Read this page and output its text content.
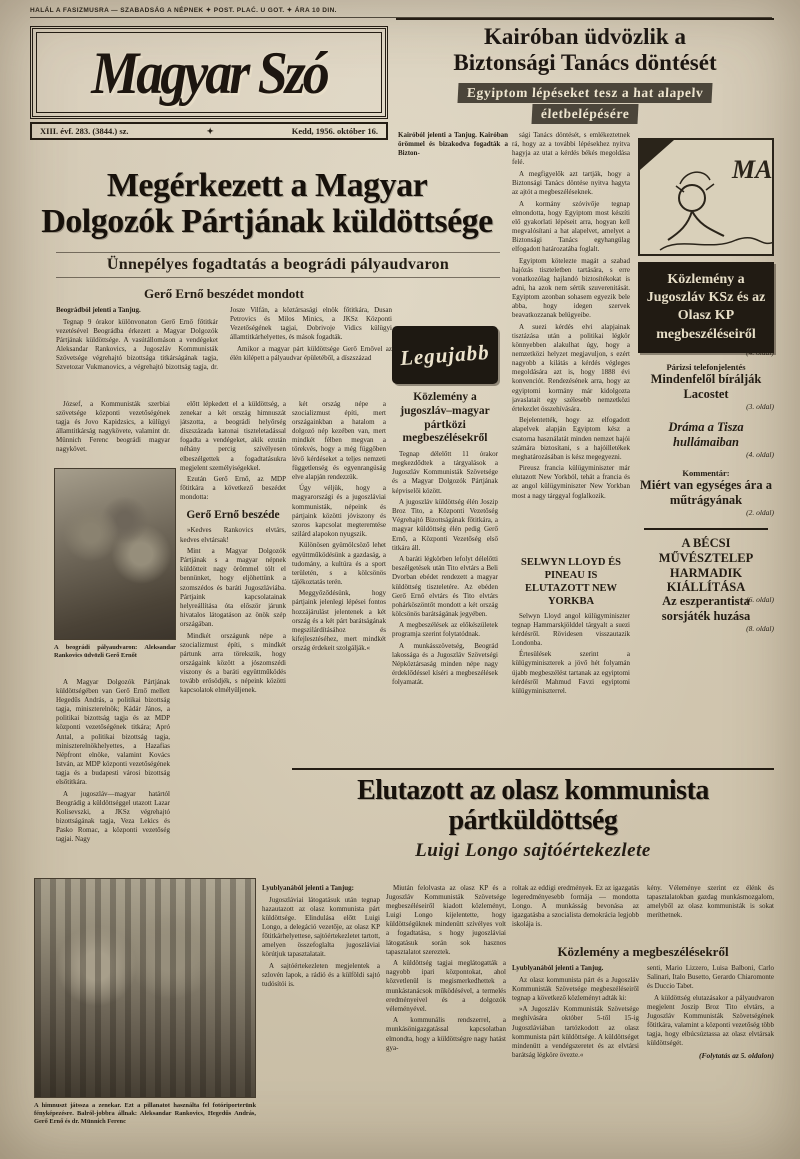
HALÁL A FASIZMUSRA — SZABADSÁG A NÉPNEK ✦ POST. PLAĆ. U GOT. ✦ ÁRA 10 DIN.
Magyar Szó
XIII. évf. 283. (3844.) sz.	✦	Kedd, 1956. október 16.
Kairóban üdvözlik a
Biztonsági Tanács döntését
Egyiptom lépéseket tesz a hat alapelv
életbelépésére

Kairóból jelenti a Tanjug. Kairóban örömmel és bizakodva fogadták a Bizton-

sági Tanács döntését, s emlékeztetnek rá, hogy az a további lépésekhez nyitva hagyja az utat a kérdés békés megoldása felé.

A megfigyelők azt tartják, hogy a Biztonsági Tanács döntése nyitva hagyta az ajtót a megbeszéléseknek.

A kormány szóvivője tegnap elmondotta, hogy Egyiptom most készíti elő gyakorlati lépéseit arra, hogyan kell megvalósítani a hat alapelvet, amelyet a Biztonsági Tanács egyhangúlag elfogadott határozatába foglalt.

Egyiptom kötelezte magát a szabad hajózás tiszteletben tartására, s erre vonatkozólag hajlandó biztosítékokat is adni, ha azok nem sértik szuverenitását. Egyiptom azonban sohasem egyezik bele abba, hogy idegen szervek beavatkozzanak belügyeibe.

A suezi kérdés elvi alapjainak tisztázása után a politikai légkör könnyebben alakulhat úgy, hogy a nemzetközi helyzet megjavuljon, s ezért nagyobb a kilátás a kérdés végleges megoldására azt is, hogy 1888 évi konvenciót. Rendezésének arra, hogy az egyiptomi kormány már kidolgozta javaslatait egy szélesebb nemzetközi értekezlet összehívására.

Bejelentették, hogy az elfogadott alapelvek alapján Egyiptom kész a csatorna használatát minden nemzet hajói számára biztosítani, s a hajóilletékek meghatározásában is kész megegyezni.

Pireusz francia külügyminiszter már elutazott New Yorkból, tehát a francia és az angol külügyminiszter New Yorkban most a nagy tárggyal foglalkozik.

SELWYN LLOYD ÉS PINEAU IS ELUTAZOTT NEW YORKBA

Selwyn Lloyd angol külügyminiszter tegnap Hammarskjölddel tárgyalt a suezi kérdésről. Rövidesen visszautazik Londonba.

Értesülések szerint a külügyminiszterek a jövő hét folyamán újabb megbeszélést tartanak az egyiptomi kérdésről Mahmud Favzi egyiptomi külügyminiszterrel.

MA
Közlemény a Jugoszláv KSz és az Olasz KP megbeszéléseiről
(4. oldal)
Párizsi telefonjelentés
Mindenfelől bírálják Lacostet
(3. oldal)
Dráma a Tisza hullámaiban
(4. oldal)
Kommentár:
Miért van egységes ára a műtrágyának
(2. oldal)
A BÉCSI MŰVÉSZTELEP HARMADIK KIÁLLÍTÁSA
(6. oldal)
Az eszperantista sorsjáték huzása
(8. oldal)
Megérkezett a Magyar
Dolgozók Pártjának küldöttsége
Ünnepélyes fogadtatás a beográdi pályaudvaron
Gerő Ernő beszédet mondott

Beográdból jelenti a Tanjug.

Tegnap 9 órakor különvonaton Gerő Ernő főtitkár vezetésével Beográdba érkezett a Magyar Dolgozók Pártjának küldöttsége. A vasútállomáson a vendégeket Aleksandar Rankovics, a Jugoszláv Kommunisták Szövetsége végrehajtó bizottsága titkárságának tagja, Szvetozar Vukmanovics, a végrehajtó bizottság tagja, dr. Josze Vilfán, a köztársasági elnök főtitkára, Dusan Petrovics és Milos Minics, a JKSz Központi Vezetőségének tagjai, Dobrivoje Vidics külügyi államtitkárhelyettes, és mások fogadták.

Amikor a magyar párt küldöttsége Gerő Ernővel az élén kilépett a pályaudvar épületéből, a díszszázad

József, a Kommunisták szerbiai szövetsége központi vezetőségének tagja és Jovo Kapidzsics, a külügyi államtitkárság nagykövete, valamint dr. Münnich Ferenc beográdi magyar nagykövet.

A beográdi pályaudvaron: Aleksandar Rankovics üdvözli Gerő Ernőt

A Magyar Dolgozók Pártjának küldöttségében van Gerő Ernő mellett Hegedűs András, a politikai bizottság tagja, miniszterelnök; Kádár János, a politikai bizottság tagja és az MDP központi vezetőségének titkára; Apró Antal, a politikai bizottság tagja, miniszterelnökhelyettes, a Hazafias Népfront elnöke, valamint Kovács István, az MDP központi vezetőségének tagja és a budapesti városi bizottság elsőtitkára.

A jugoszláv—magyar határtól Beográdig a küldöttséggel utazott Lazar Kolisevszki, a JKSz végrehajtó bizottságának tagja, Veza Lekics és Pasko Romac, a központi vezetőség tagjai. Nagy

előtt lépkedett el a küldöttség, a zenekar a két ország himnuszát játszotta, a beográdi helyőrség díszszázada katonai tiszteletadással fogadta a vendégeket, akik ezután néhány percig szívélyesen elbeszélgettek a fogadtatásukra megjelent személyiségekkel.

Ezután Gerő Ernő, az MDP főtitkára a következő beszédet mondotta:

Gerő Ernő beszéde

»Kedves Rankovics elvtárs, kedves elvtársak!

Mint a Magyar Dolgozók Pártjának s a magyar népnek küldötteit nagy örömmel tölt el bennünket, hogy eljöhettünk a szomszédos és baráti Jugoszláviába. Pártjaink kapcsolatainak helyreállítása óta először járunk hivatalos látogatáson az önök szép országában.

Mindkét országunk népe a szocializmust építi, s mindkét pártunk arra törekszik, hogy országaink között a jószomszédi viszony és a baráti együttműködés tovább erősödjék, s népeink közötti kapcsolatok elmélyüljenek.

két ország népe a szocializmust építi, mert országainkban a hatalom a dolgozó nép kezében van, mert mindkét félben megvan a törekvés, hogy a még függőben lévő kérdéseket a teljes nemzeti függetlenség és egyenrangúság elve alapján rendezzük.

Úgy véljük, hogy a magyarországi és a jugoszláviai kommunisták, népeink és pártjaink közötti jóviszony és szoros kapcsolat megteremtése szilárd alapokon nyugszik.

Különösen gyümölcsöző lehet együttműködésünk a gazdaság, a tudomány, a kultúra és a sport területén, s a kölcsönös tájékoztatás terén.

Meggyőződésünk, hogy pártjaink jelenlegi lépései fontos hozzájárulást jelentenek a két ország és a két párt barátságának megszilárdításához és kifejlesztéséhez, mert mindkét ország érdekeit szolgálják.«

Legujabb
Közlemény a jugoszláv–magyar pártközi megbeszélésekről

Tegnap délelőtt 11 órakor megkezdődtek a tárgyalások a Jugoszláv Kommunisták Szövetsége és a Magyar Dolgozók Pártjának képviselői között.

A jugoszláv küldöttség élén Joszip Broz Tito, a Központi Vezetőség Végrehajtó Bizottságának főtitkára, a magyar küldöttség élén pedig Gerő Ernő, a Központi Vezetőség első titkára áll.

A baráti légkörben lefolyt délelőtti beszélgetések után Tito elvtárs a Beli Dvorban ebédet rendezett a magyar küldöttség tiszteletére. Az ebéden Gerő Ernő elvtárs és Tito elvtárs pohárköszöntőt mondott a két ország kölcsönös barátságának jegyében.

A megbeszélések az előkészületek programja szerint folytatódnak.

A munkásszövetség, Beográd lakossága és a Jugoszláv Szövetségi Népköztársaság minden népe nagy érdeklődéssel kíséri a megbeszélések folyamatát.

Elutazott az olasz kommunista
pártküldöttség
Luigi Longo sajtóértekezlete

Lyublyanából jelenti a Tanjug:

Jugoszláviai látogatásuk után tegnap hazautazott az olasz kommunista párt küldöttsége. Elindulása előtt Luigi Longo, a delegáció vezetője, az olasz KP főtitkárhelyettese, sajtóértekezletet tartott, amelyen összefoglalta jugoszláviai körútjuk tapasztalatait.

A sajtóértekezleten megjelentek a szlovén lapok, a rádió és a külföldi sajtó tudósítói is.

Miután felolvasta az olasz KP és a Jugoszláv Kommunisták Szövetsége megbeszéléseiről kiadott közleményt, Luigi Longo kijelentette, hogy küldöttségüknek mindenütt szívélyes volt a fogadtatása, s hogy jugoszláviai látogatásuk során sok hasznos tapasztalatot szereztek.

A küldöttség tagjai meglátogatták a nagyobb ipari központokat, ahol közvetlenül is megismerkedhettek a munkástanácsok működésével, a termelés eredményeivel és a dolgozók véleményével.

A kommunális rendszerrel, a munkásönigazgatással kapcsolatban elmondta, hogy a küldöttségre nagy hatást gya-

roltak az eddigi eredmények. Ez az igazgatás legeredményesebb formája — mondotta Longo. A munkásság bevonása az igazgatásba a szocialista demokrácia legjobb iskolája is.

kény. Véleménye szerint ez élénk és tapasztalatokban gazdag munkásmozgalom, amelyből az olasz kommunisták is sokat meríthetnek.

Közlemény a megbeszélésekről

Lyublyanából jelenti a Tanjug.

Az olasz kommunista párt és a Jugoszláv Kommunisták Szövetsége megbeszéléseiről tegnap a következő közleményt adták ki:

»A Jugoszláv Kommunisták Szövetsége meghívására október 5-től 15-ig Jugoszláviában tartózkodott az olasz kommunista párt küldöttsége. A küldöttséget mindenütt a vendégszeretet és az elvtársi barátság légköre övezte.«

senti, Mario Lizzero, Luisa Balboni, Carlo Salinari, Italo Busetto, Gerardo Chiaromonte és Duccio Tabet.

A küldöttség elutazásakor a pályaudvaron megjelent Joszip Broz Tito elvtárs, a Jugoszláv Kommunisták Szövetségének főtitkára, valamint a központi vezetőség több tagja, hogy elbúcsúztassa az olasz elvtársak küldöttségét.

(Folytatás az 5. oldalon)
A himnuszt játssza a zenekar. Ezt a pillanatot használta fel fotóriporterünk fényképezésre. Balról-jobbra állnak: Aleksandar Rankovics, Hegedűs András, Gerő Ernő és dr. Münnich Ferenc
